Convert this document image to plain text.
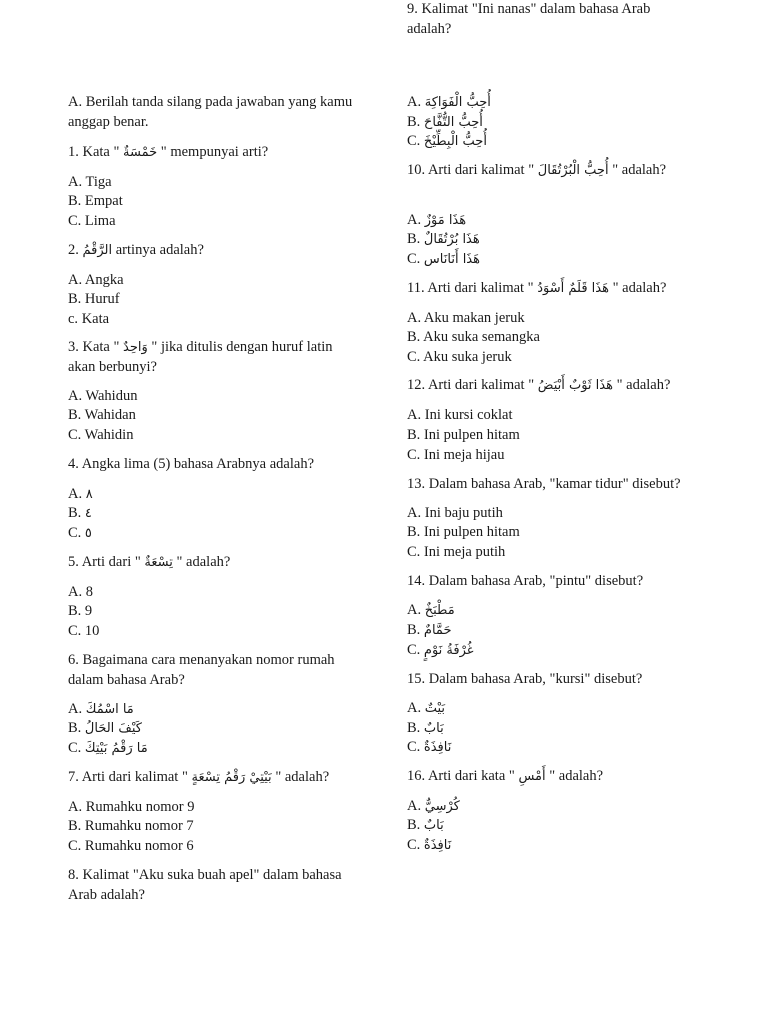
A. Berilah tanda silang pada jawaban yang kamu anggap benar.

1. Kata " خَمْسَةٌ " mempunyai arti?

A. Tiga
B. Empat
C. Lima

2. الرَّقْمُ artinya adalah?

A. Angka
B. Huruf
c. Kata

3. Kata " وَاحِدٌ " jika ditulis dengan huruf latin akan berbunyi?

A. Wahidun
B. Wahidan
C. Wahidin

4. Angka lima (5) bahasa Arabnya adalah?

A. ٨
B. ٤
C. ٥

5. Arti dari " تِسْعَةٌ " adalah?

A. 8
B. 9
C. 10

6. Bagaimana cara menanyakan nomor rumah dalam bahasa Arab?

A. مَا اسْمُكَ
B. كَيْفَ الحَالُ
C. مَا رَقْمُ بَيْتِكَ

7. Arti dari kalimat " بَيْتِيْ رَقْمُ تِسْعَةٍ " adalah?

A. Rumahku nomor 9
B. Rumahku nomor 7
C. Rumahku nomor 6

8. Kalimat "Aku suka buah apel" dalam bahasa Arab adalah?

A. أُحِبُّ الْفَوَاكِهَ
B. أُحِبُّ التُّفَّاحَ
C. أُحِبُّ الْبِطِّيْخَ

9. Kalimat "Ini nanas" dalam bahasa Arab adalah?

A. هَذَا مَوْزٌ
B. هَذَا بُرْتُقَالٌ
C. هَذَا أَنَانَاس

10. Arti dari kalimat " أُحِبُّ الْبُرْتُقَالَ " adalah?

A. Aku makan jeruk
B. Aku suka semangka
C. Aku suka jeruk

11. Arti dari kalimat " هَذَا قَلَمٌ أَسْوَدُ " adalah?

A. Ini kursi coklat
B. Ini pulpen hitam
C. Ini meja hijau

12. Arti dari kalimat " هَذَا ثَوْبٌ أَبْيَضُ " adalah?

A. Ini baju putih
B. Ini pulpen hitam
C. Ini meja putih

13. Dalam bahasa Arab, "kamar tidur" disebut?

A. مَطْبَخٌ
B. حَمَّامٌ
C. غُرْفَةُ نَوْمٍ

14. Dalam bahasa Arab, "pintu" disebut?

A. بَيْتٌ
B. بَابٌ
C. نَافِذَةٌ

15. Dalam bahasa Arab, "kursi" disebut?

A. كُرْسِيٌّ
B. بَابٌ
C. نَافِذَةٌ

16. Arti dari kata " أَمْسِ " adalah?
